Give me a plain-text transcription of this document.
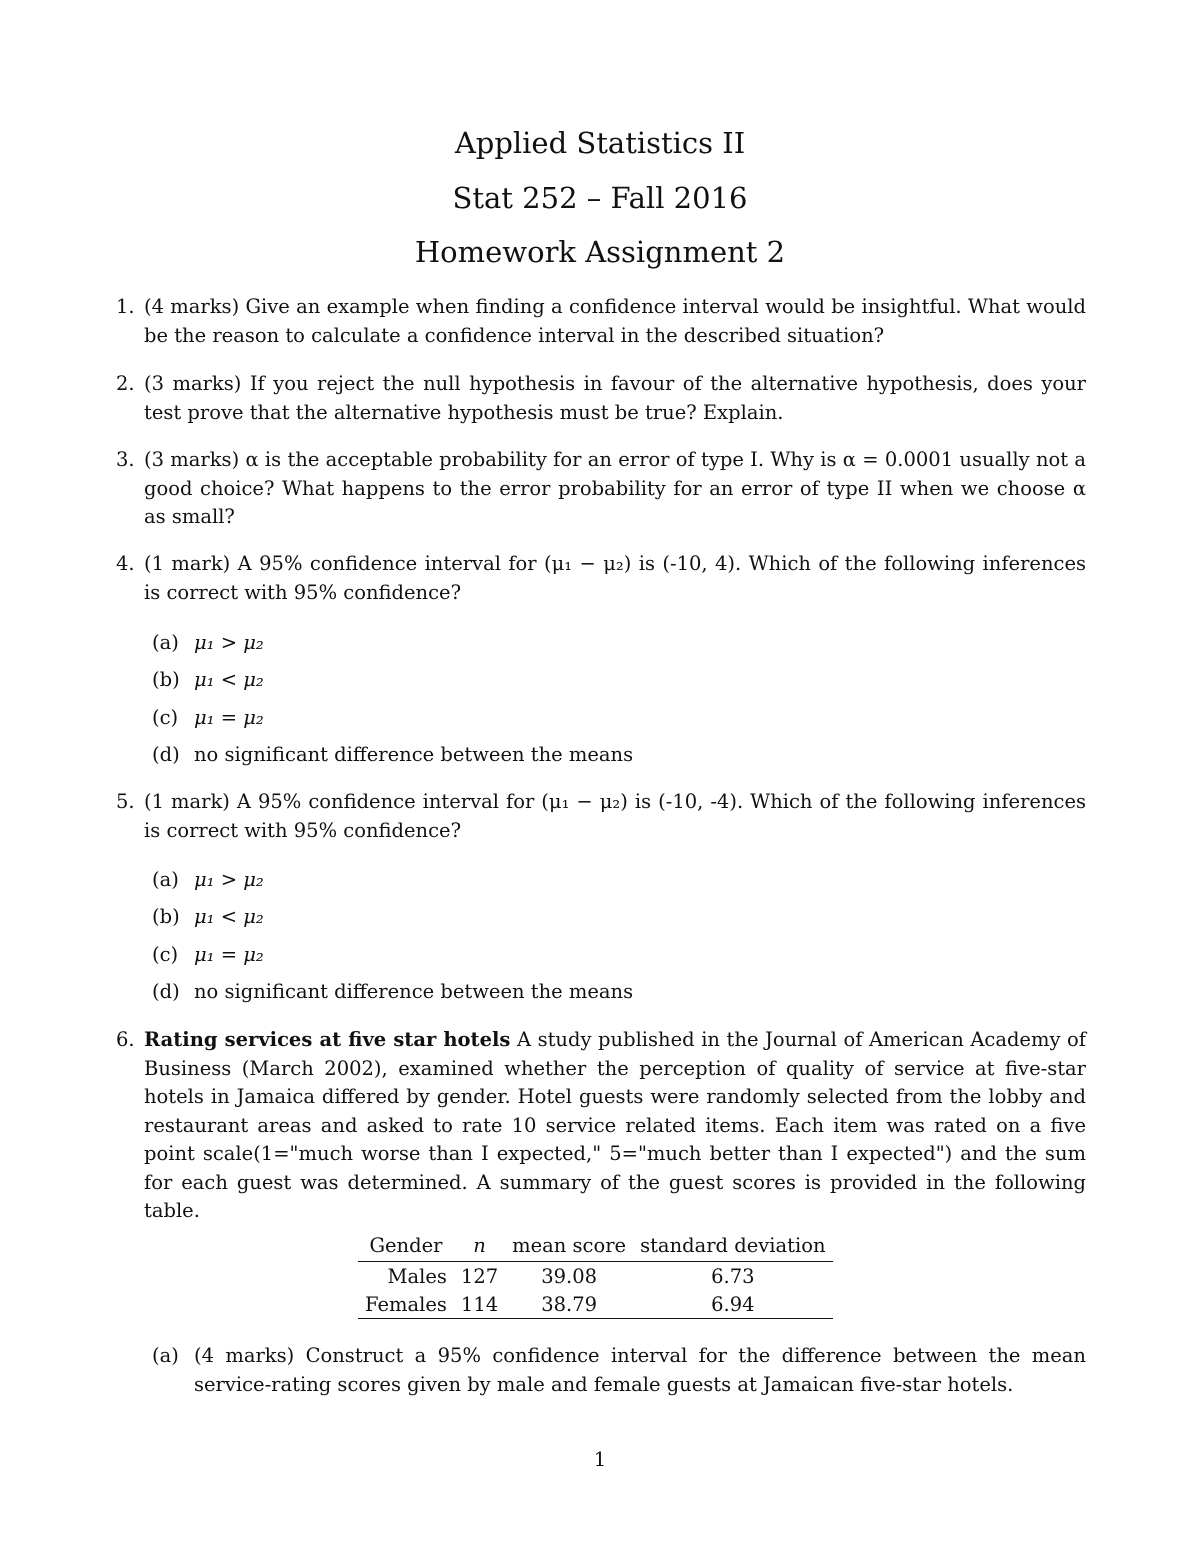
Applied Statistics II
Stat 252 – Fall 2016
Homework Assignment 2
1. (4 marks) Give an example when finding a confidence interval would be insightful. What would be the reason to calculate a confidence interval in the described situation?
2. (3 marks) If you reject the null hypothesis in favour of the alternative hypothesis, does your test prove that the alternative hypothesis must be true? Explain.
3. (3 marks) α is the acceptable probability for an error of type I. Why is α = 0.0001 usually not a good choice? What happens to the error probability for an error of type II when we choose α as small?
4. (1 mark) A 95% confidence interval for (μ₁ − μ₂) is (-10, 4). Which of the following inferences is correct with 95% confidence?
(a) μ₁ > μ₂
(b) μ₁ < μ₂
(c) μ₁ = μ₂
(d) no significant difference between the means
5. (1 mark) A 95% confidence interval for (μ₁ − μ₂) is (-10, -4). Which of the following inferences is correct with 95% confidence?
(a) μ₁ > μ₂
(b) μ₁ < μ₂
(c) μ₁ = μ₂
(d) no significant difference between the means
6. Rating services at five star hotels A study published in the Journal of American Academy of Business (March 2002), examined whether the perception of quality of service at five-star hotels in Jamaica differed by gender. Hotel guests were randomly selected from the lobby and restaurant areas and asked to rate 10 service related items. Each item was rated on a five point scale(1="much worse than I expected," 5="much better than I expected") and the sum for each guest was determined. A summary of the guest scores is provided in the following table.
Gender	n	mean score	standard deviation
Males	127	39.08	6.73
Females	114	38.79	6.94
(a) (4 marks) Construct a 95% confidence interval for the difference between the mean service-rating scores given by male and female guests at Jamaican five-star hotels.
1
